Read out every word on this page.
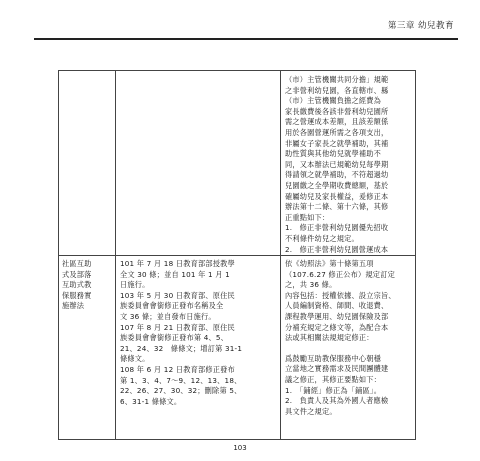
第三章 幼兒教育

（市）主管機關共同分擔」規範
之非營利幼兒園，各直轄市、縣
（市）主管機關負擔之經費為
家長繳費後各該非營利幼兒園所
需之營運成本差額，且該差額係
用於各園營運所需之各項支出，
非屬女子家長之就學補助，其補
助性質與其他幼兒就學補助不
同，又本辦法已規範幼兒每學期
得請領之就學補助，不符超過幼
兒園繳之全學期收費總額，基於
確屬幼兒及家長權益，爰修正本
辦法第十二條、第十六條，其修
正重點如下：

1.　修正非營利幼兒園優先招收
不利條件幼兒之規定。

2.　修正非營利幼兒園營運成本

社區互助
式及部落
互助式教
保服務實
施辦法

101 年 7 月 18 日教育部部授教學
全文 30 條；並自 101 年 1 月 1
日施行。

103 年 5 月 30 日教育部、原住民
族委員會會銜修正發布名稱及全
文 36 條；並自發布日施行。

107 年 8 月 21 日教育部、原住民
族委員會會銜修正發布第 4、5、
21、24、32　條條文；增訂第 31-1
條條文。

108 年 6 月 12 日教育部修正發布
第 1、3、4、7～9、12、13、18、
22、26、27、30、32；刪除第 5、
6、31-1 條條文。

依《幼照法》第十條第五項
（107.6.27 修正公布）規定訂定
之，共 36 條。
內容包括：授權依據、設立宗旨、
人員編制資格、師間、收退費、
課程教學運用、幼兒園保險及部
分補充規定之條文等，為配合本
法或其相關法規規定修正：

爲鼓勵互助教保服務中心朝穩
立當地之實務需求及民間團體建
議之修正，其修正要點如下：

1.　「鋪經」修正為「鋪區」。

2.　負責人及其為外國人者應檢
具文件之規定。

103
